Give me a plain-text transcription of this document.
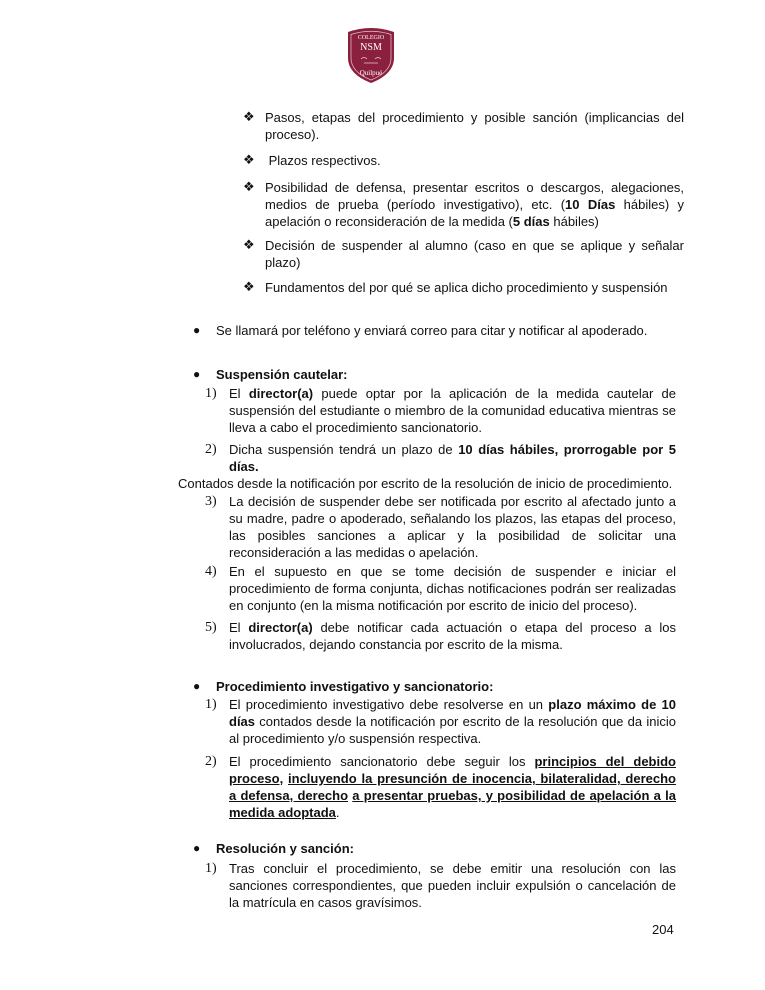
COLEGIO
NSM
Quilpué
❖ Pasos, etapas del procedimiento y posible sanción (implicancias del proceso).
❖ Plazos respectivos.
❖ Posibilidad de defensa, presentar escritos o descargos, alegaciones, medios de prueba (período investigativo), etc. (10 Días hábiles) y apelación o reconsideración de la medida (5 días hábiles)
❖ Decisión de suspender al alumno (caso en que se aplique y señalar plazo)
❖ Fundamentos del por qué se aplica dicho procedimiento y suspensión
● Se llamará por teléfono y enviará correo para citar y notificar al apoderado.
● Suspensión cautelar:
1) El director(a) puede optar por la aplicación de la medida cautelar de suspensión del estudiante o miembro de la comunidad educativa mientras se lleva a cabo el procedimiento sancionatorio.
2) Dicha suspensión tendrá un plazo de 10 días hábiles, prorrogable por 5 días.
Contados desde la notificación por escrito de la resolución de inicio de procedimiento.
3) La decisión de suspender debe ser notificada por escrito al afectado junto a su madre, padre o apoderado, señalando los plazos, las etapas del proceso, las posibles sanciones a aplicar y la posibilidad de solicitar una reconsideración a las medidas o apelación.
4) En el supuesto en que se tome decisión de suspender e iniciar el procedimiento de forma conjunta, dichas notificaciones podrán ser realizadas en conjunto (en la misma notificación por escrito de inicio del proceso).
5) El director(a) debe notificar cada actuación o etapa del proceso a los involucrados, dejando constancia por escrito de la misma.
● Procedimiento investigativo y sancionatorio:
1) El procedimiento investigativo debe resolverse en un plazo máximo de 10 días contados desde la notificación por escrito de la resolución que da inicio al procedimiento y/o suspensión respectiva.
2) El procedimiento sancionatorio debe seguir los principios del debido proceso, incluyendo la presunción de inocencia, bilateralidad, derecho a defensa, derecho a presentar pruebas, y posibilidad de apelación a la medida adoptada.
● Resolución y sanción:
1) Tras concluir el procedimiento, se debe emitir una resolución con las sanciones correspondientes, que pueden incluir expulsión o cancelación de la matrícula en casos gravísimos.
204
